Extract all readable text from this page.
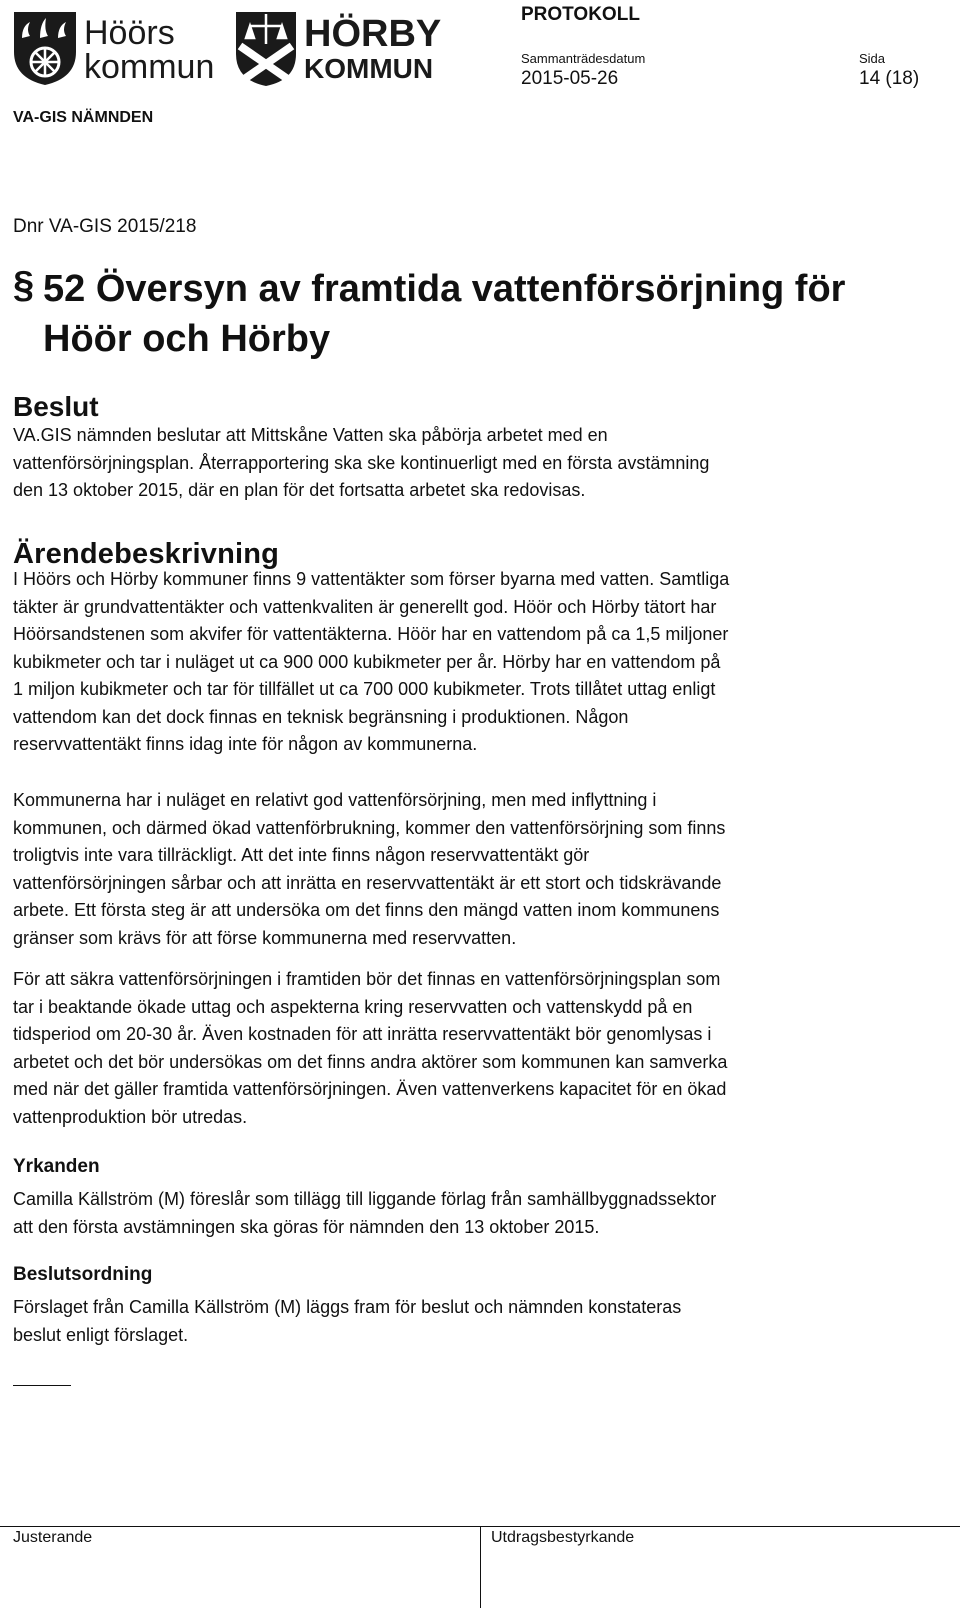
Höörs
kommun
HÖRBY
KOMMUN
PROTOKOLL
Sammanträdesdatum	Sida
2015-05-26	14 (18)
VA-GIS NÄMNDEN
Dnr VA-GIS 2015/218
§ 52 Översyn av framtida vattenförsörjning för Höör och Hörby
Beslut

VA.GIS nämnden beslutar att Mittskåne Vatten ska påbörja arbetet med en

vattenförsörjningsplan. Återrapportering ska ske kontinuerligt med en första avstämning

den 13 oktober 2015, där en plan för det fortsatta arbetet ska redovisas.

Ärendebeskrivning

I Höörs och Hörby kommuner finns 9 vattentäkter som förser byarna med vatten. Samtliga

täkter är grundvattentäkter och vattenkvaliten är generellt god. Höör och Hörby tätort har

Höörsandstenen som akvifer för vattentäkterna. Höör har en vattendom på ca 1,5 miljoner

kubikmeter och tar i nuläget ut ca 900 000 kubikmeter per år. Hörby har en vattendom på

1 miljon kubikmeter och tar för tillfället ut ca 700 000 kubikmeter. Trots tillåtet uttag enligt

vattendom kan det dock finnas en teknisk begränsning i produktionen. Någon

reservvattentäkt finns idag inte för någon av kommunerna.

Kommunerna har i nuläget en relativt god vattenförsörjning, men med inflyttning i

kommunen, och därmed ökad vattenförbrukning, kommer den vattenförsörjning som finns

troligtvis inte vara tillräckligt. Att det inte finns någon reservvattentäkt gör

vattenförsörjningen sårbar och att inrätta en reservvattentäkt är ett stort och tidskrävande

arbete. Ett första steg är att undersöka om det finns den mängd vatten inom kommunens

gränser som krävs för att förse kommunerna med reservvatten.

För att säkra vattenförsörjningen i framtiden bör det finnas en vattenförsörjningsplan som

tar i beaktande ökade uttag och aspekterna kring reservvatten och vattenskydd på en

tidsperiod om 20-30 år. Även kostnaden för att inrätta reservvattentäkt bör genomlysas i

arbetet och det bör undersökas om det finns andra aktörer som kommunen kan samverka

med när det gäller framtida vattenförsörjningen. Även vattenverkens kapacitet för en ökad

vattenproduktion bör utredas.

Yrkanden

Camilla Källström (M) föreslår som tillägg till liggande förlag från samhällbyggnadssektor

att den första avstämningen ska göras för nämnden den 13 oktober 2015.

Beslutsordning

Förslaget från Camilla Källström (M) läggs fram för beslut och nämnden konstateras

beslut enligt förslaget.

Justerande	Utdragsbestyrkande
